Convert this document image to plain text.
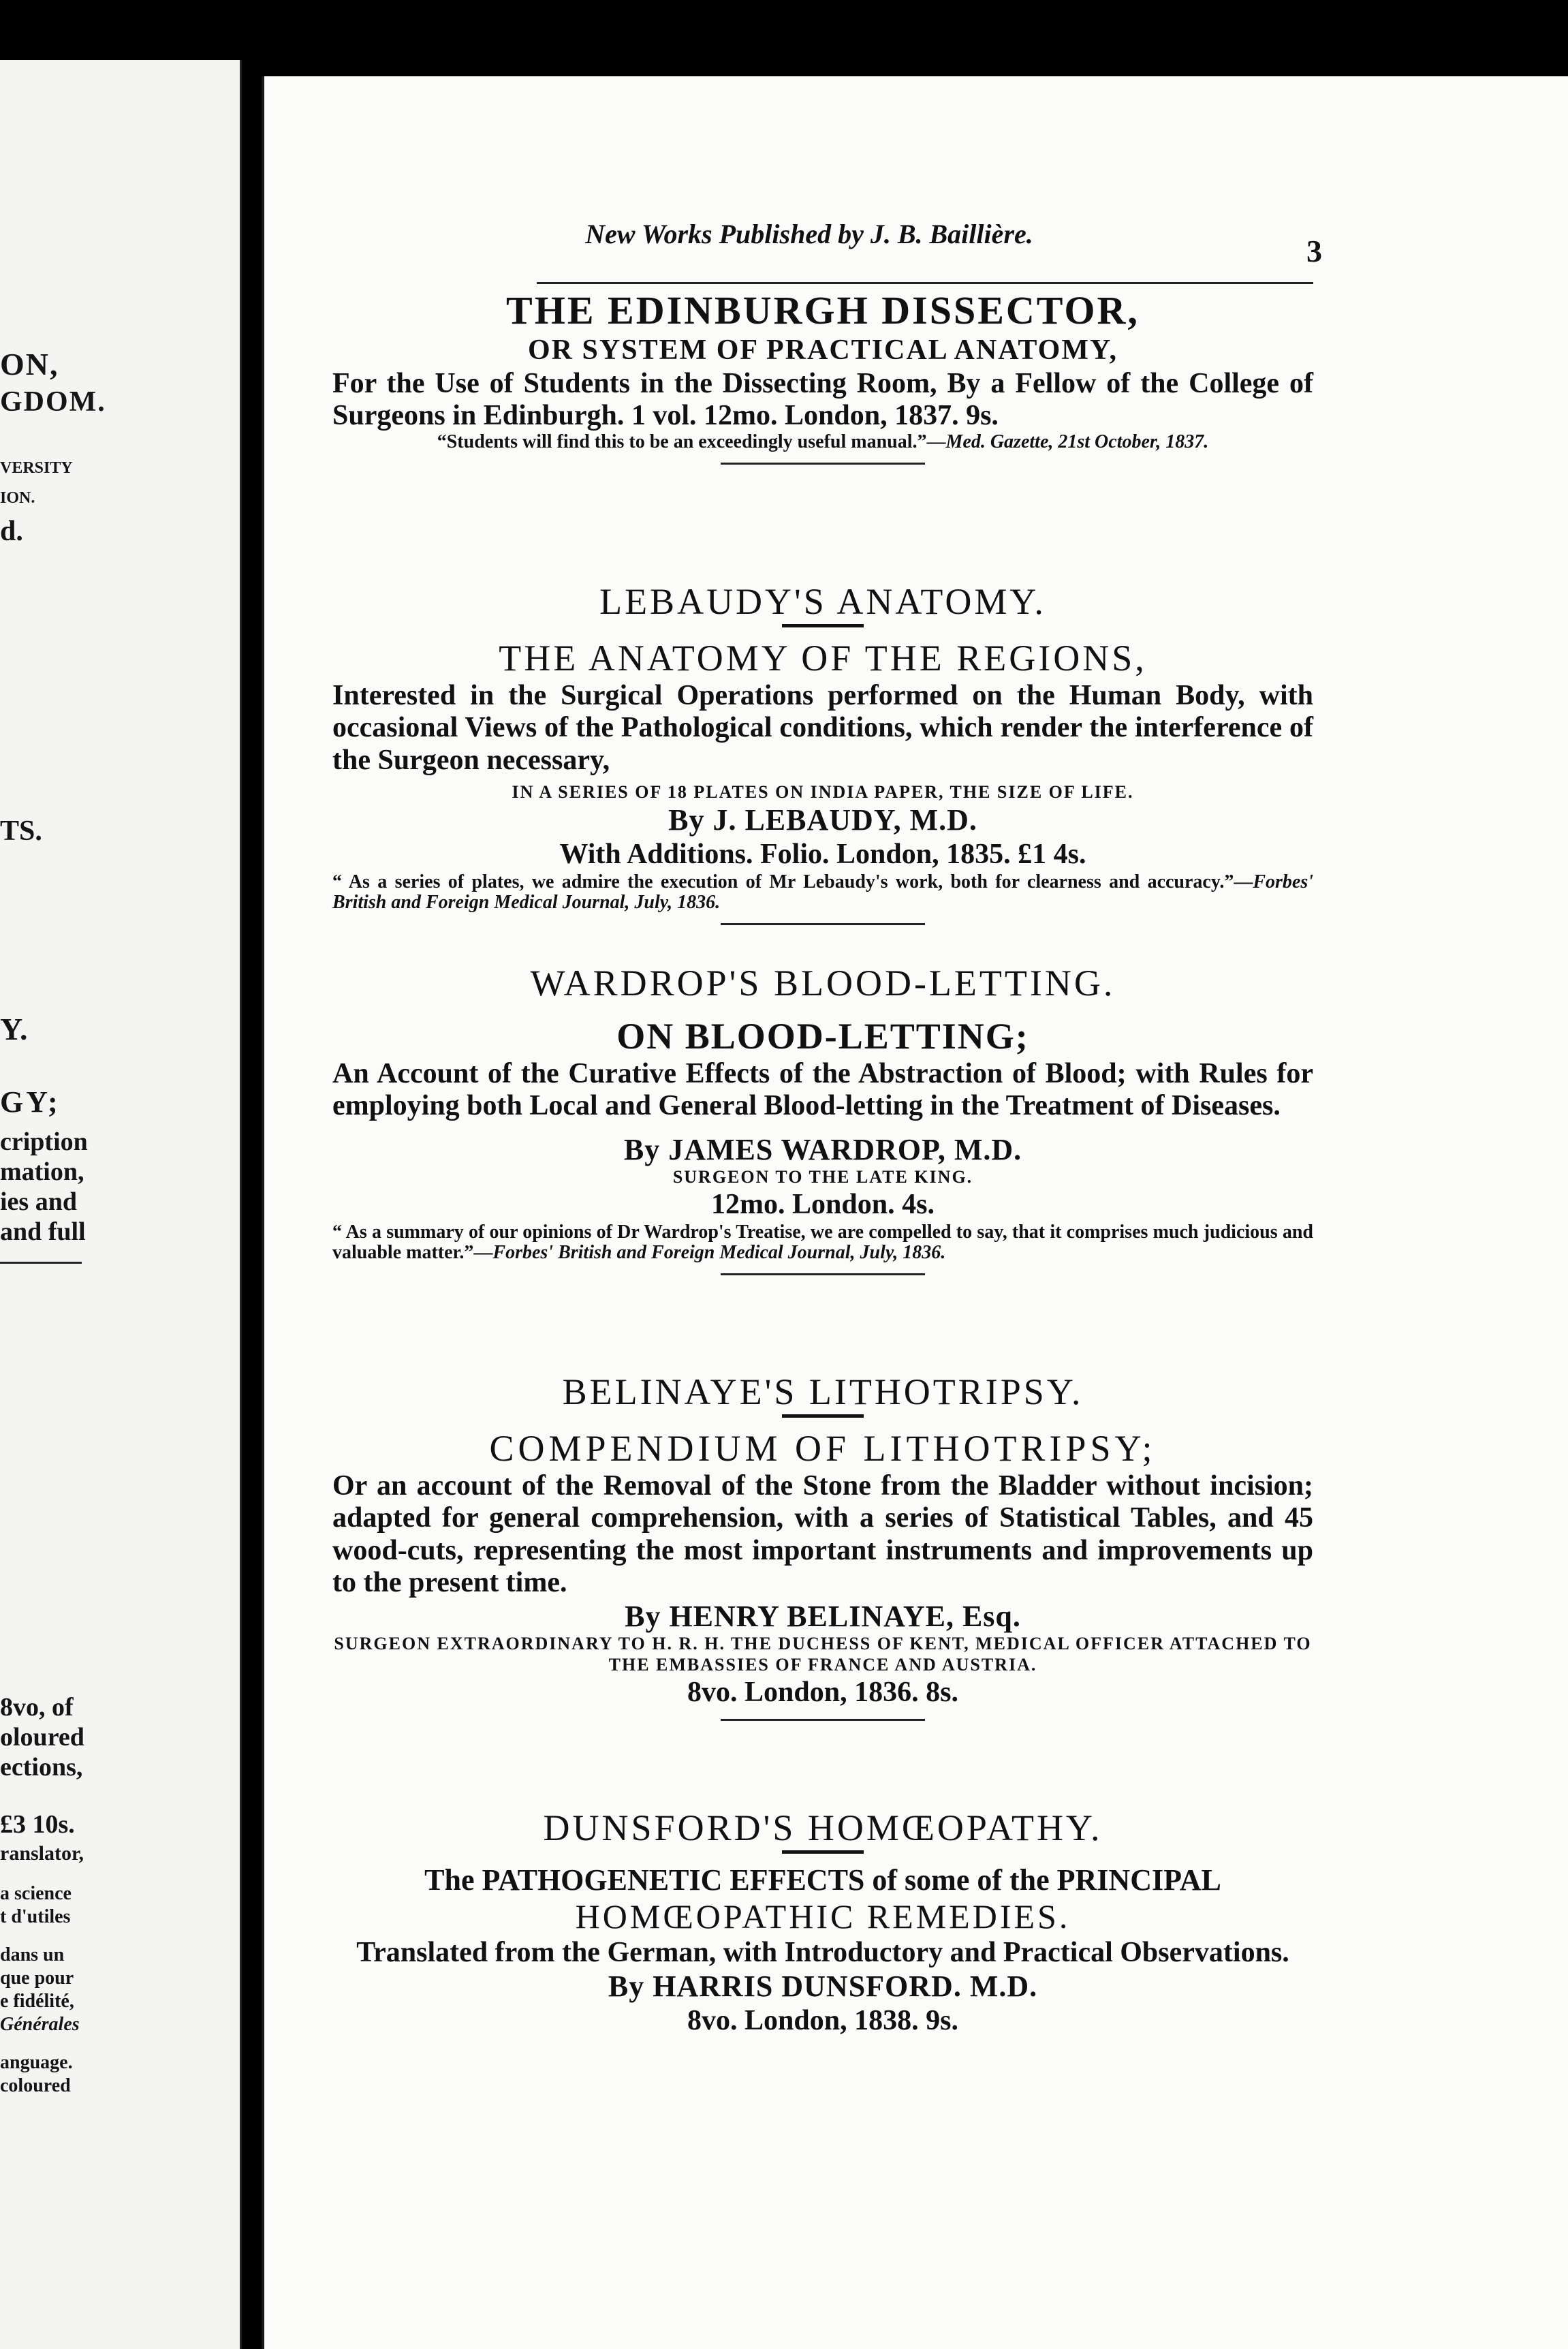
ON,

GDOM.

VERSITY

ION.

d.

TS.

Y.

GY;

cription

mation,

ies and

and full

8vo, of

oloured

ections,

£3 10s.

ranslator,

a science

t d'utiles

dans un

que pour

e fidélité,

Générales

anguage.

coloured

New Works Published by J. B. Baillière.	3

THE EDINBURGH DISSECTOR,

OR SYSTEM OF PRACTICAL ANATOMY,

For the Use of Students in the Dissecting Room, By a Fellow of the College of Surgeons in Edinburgh. 1 vol. 12mo. London, 1837. 9s.

“Students will find this to be an exceedingly useful manual.”—Med. Gazette, 21st October, 1837.

LEBAUDY'S ANATOMY.

THE ANATOMY OF THE REGIONS,

Interested in the Surgical Operations performed on the Human Body, with occasional Views of the Pathological conditions, which render the interference of the Surgeon necessary,

IN A SERIES OF 18 PLATES ON INDIA PAPER, THE SIZE OF LIFE.

By J. LEBAUDY, M.D.

With Additions. Folio. London, 1835. £1 4s.

“ As a series of plates, we admire the execution of Mr Lebaudy's work, both for clearness and accuracy.”—Forbes' British and Foreign Medical Journal, July, 1836.

WARDROP'S BLOOD-LETTING.

ON BLOOD-LETTING;

An Account of the Curative Effects of the Abstraction of Blood; with Rules for employing both Local and General Blood-letting in the Treatment of Diseases.

By JAMES WARDROP, M.D.

SURGEON TO THE LATE KING.

12mo. London. 4s.

“ As a summary of our opinions of Dr Wardrop's Treatise, we are compelled to say, that it comprises much judicious and valuable matter.”—Forbes' British and Foreign Medical Journal, July, 1836.

BELINAYE'S LITHOTRIPSY.

COMPENDIUM OF LITHOTRIPSY;

Or an account of the Removal of the Stone from the Bladder without incision; adapted for general comprehension, with a series of Statistical Tables, and 45 wood-cuts, representing the most important instruments and improvements up to the present time.

By HENRY BELINAYE, Esq.

SURGEON EXTRAORDINARY TO H. R. H. THE DUCHESS OF KENT, MEDICAL OFFICER ATTACHED TO THE EMBASSIES OF FRANCE AND AUSTRIA.

8vo. London, 1836. 8s.

DUNSFORD'S HOMŒOPATHY.

The PATHOGENETIC EFFECTS of some of the PRINCIPAL

HOMŒOPATHIC REMEDIES.

Translated from the German, with Introductory and Practical Observations.

By HARRIS DUNSFORD. M.D.

8vo. London, 1838. 9s.
